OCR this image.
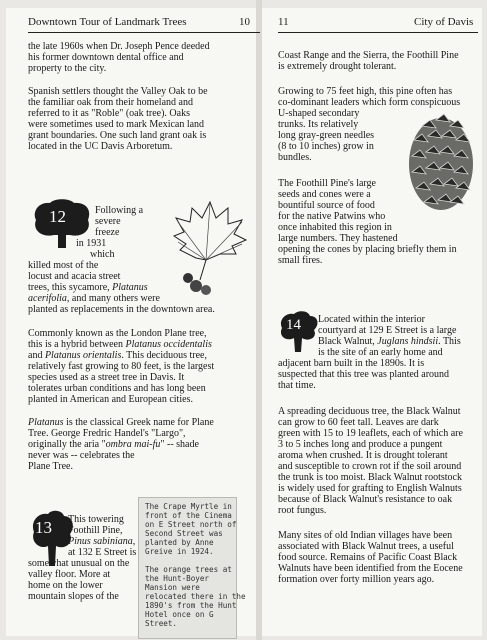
Downtown Tour of Landmark Trees	10
the late 1960s when Dr. Joseph Pence deeded
his former downtown dental office and
property to the city.
Spanish settlers thought the Valley Oak to be
the familiar oak from their homeland and
referred to it as "Roble" (oak tree). Oaks
were sometimes used to mark Mexican land
grant boundaries. One such land grant oak is
located in the UC Davis Arboretum.
12	Following a
severe
freeze
in 1931
which
killed most of the
locust and acacia street
trees, this sycamore, Platanus
acerifolia, and many others were
planted as replacements in the downtown area.
Commonly known as the London Plane tree,
this is a hybrid between Platanus occidentalis
and Platanus orientalis. This deciduous tree,
relatively fast growing to 80 feet, is the largest
species used as a street tree in Davis. It
tolerates urban conditions and has long been
planted in American and European cities.
Platanus is the classical Greek name for Plane
Tree. George Fredric Handel's "Largo",
originally the aria "ombra mai-fu" -- shade
never was -- celebrates the
Plane Tree.
13 This towering
Foothill Pine,
Pinus sabiniana,
at 132 E Street is
somewhat unusual on the
valley floor. More at
home on the lower
mountain slopes of the
The Crape Myrtle in
front of the Cinema
on E Street north of
Second Street was
planted by Anne
Greive in 1924.
The orange trees at
the Hunt-Boyer
Mansion were
relocated there in the
1890's from the Hunt
Hotel once on G
Street.
11	City of Davis
Coast Range and the Sierra, the Foothill Pine
is extremely drought tolerant.
Growing to 75 feet high, this pine often has
co-dominant leaders which form conspicuous
U-shaped secondary
trunks. Its relatively
long gray-green needles
(8 to 10 inches) grow in
bundles.
The Foothill Pine's large
seeds and cones were a
bountiful source of food
for the native Patwins who
once inhabited this region in
large numbers. They hastened
opening the cones by placing briefly them in
small fires.
14 Located within the interior
courtyard at 129 E Street is a large
Black Walnut, Juglans hindsii. This
is the site of an early home and
adjacent barn built in the 1890s. It is
suspected that this tree was planted around
that time.
A spreading deciduous tree, the Black Walnut
can grow to 60 feet tall. Leaves are dark
green with 15 to 19 leaflets, each of which are
3 to 5 inches long and produce a pungent
aroma when crushed. It is drought tolerant
and susceptible to crown rot if the soil around
the trunk is too moist. Black Walnut rootstock
is widely used for grafting to English Walnuts
because of Black Walnut's resistance to oak
root fungus.
Many sites of old Indian villages have been
associated with Black Walnut trees, a useful
food source. Remains of Pacific Coast Black
Walnuts have been identified from the Eocene
formation over forty million years ago.
